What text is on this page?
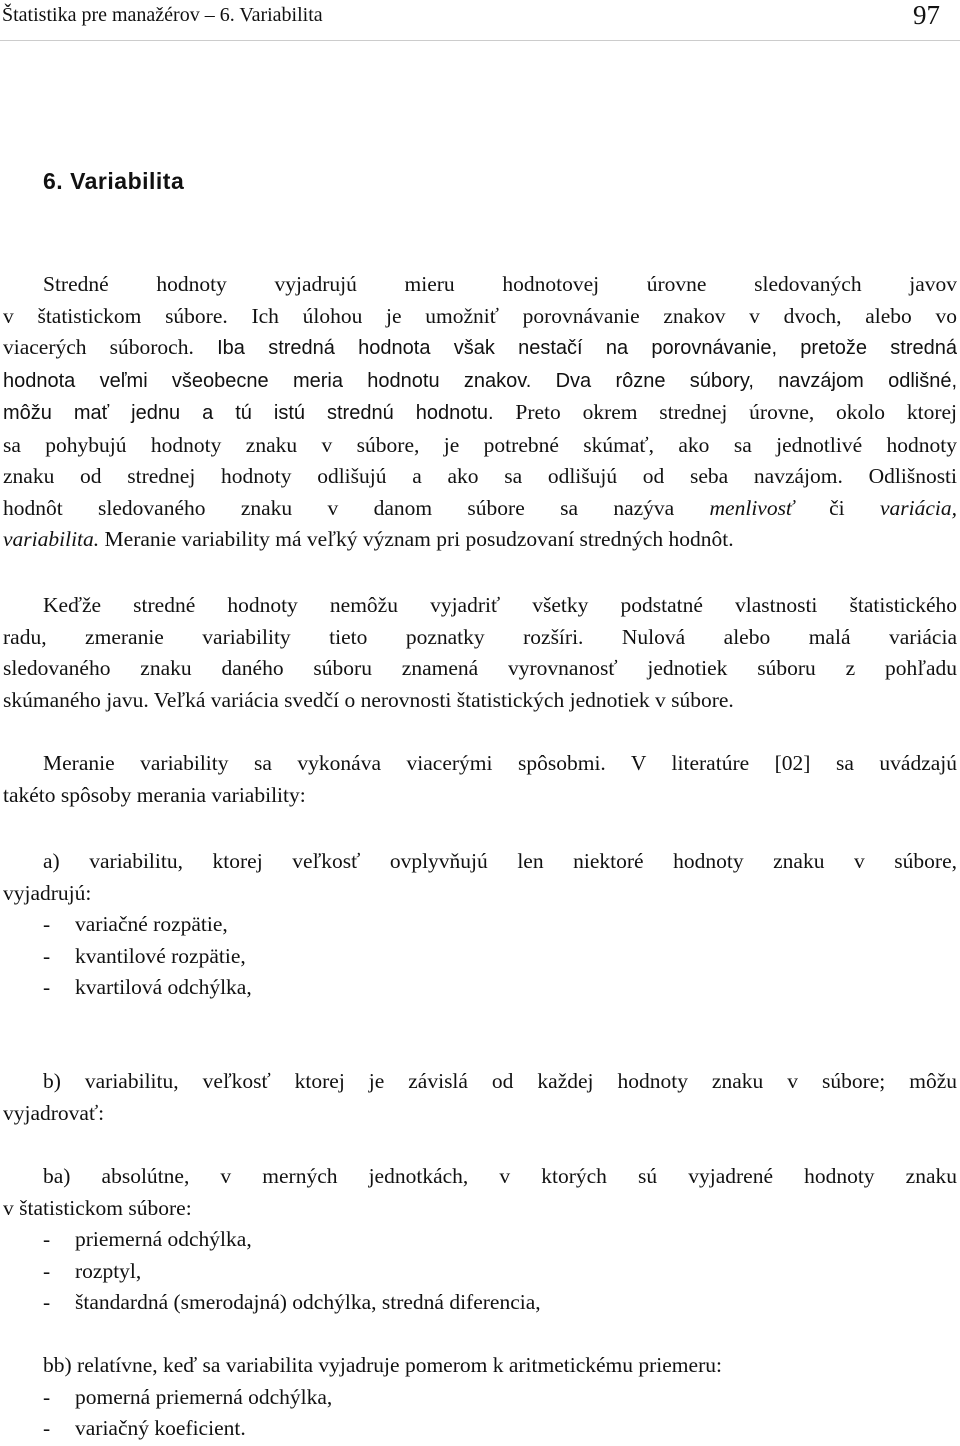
Štatistika pre manažérov – 6. Variabilita	97
6. Variabilita
Stredné hodnoty vyjadrujú mieru hodnotovej úrovne sledovaných javov
v štatistickom súbore. Ich úlohou je umožniť porovnávanie znakov v dvoch, alebo vo
viacerých súboroch. Iba stredná hodnota však nestačí na porovnávanie, pretože stredná
hodnota veľmi všeobecne meria hodnotu znakov. Dva rôzne súbory, navzájom odlišné,
môžu mať jednu a tú istú strednú hodnotu. Preto okrem strednej úrovne, okolo ktorej
sa pohybujú hodnoty znaku v súbore, je potrebné skúmať, ako sa jednotlivé hodnoty
znaku od strednej hodnoty odlišujú a ako sa odlišujú od seba navzájom. Odlišnosti
hodnôt sledovaného znaku v danom súbore sa nazýva menlivosť či variácia,
variabilita. Meranie variability má veľký význam pri posudzovaní stredných hodnôt.
Keďže stredné hodnoty nemôžu vyjadriť všetky podstatné vlastnosti štatistického
radu, zmeranie variability tieto poznatky rozšíri. Nulová alebo malá variácia
sledovaného znaku daného súboru znamená vyrovnanosť jednotiek súboru z pohľadu
skúmaného javu. Veľká variácia svedčí o nerovnosti štatistických jednotiek v súbore.
Meranie variability sa vykonáva viacerými spôsobmi. V literatúre [02] sa uvádzajú
takéto spôsoby merania variability:
a) variabilitu, ktorej veľkosť ovplyvňujú len niektoré hodnoty znaku v súbore,
vyjadrujú:
- variačné rozpätie,
- kvantilové rozpätie,
- kvartilová odchýlka,
b) variabilitu, veľkosť ktorej je závislá od každej hodnoty znaku v súbore; môžu
vyjadrovať:
ba) absolútne, v merných jednotkách, v ktorých sú vyjadrené hodnoty znaku
v štatistickom súbore:
- priemerná odchýlka,
- rozptyl,
- štandardná (smerodajná) odchýlka, stredná diferencia,
bb) relatívne, keď sa variabilita vyjadruje pomerom k aritmetickému priemeru:
- pomerná priemerná odchýlka,
- variačný koeficient.
